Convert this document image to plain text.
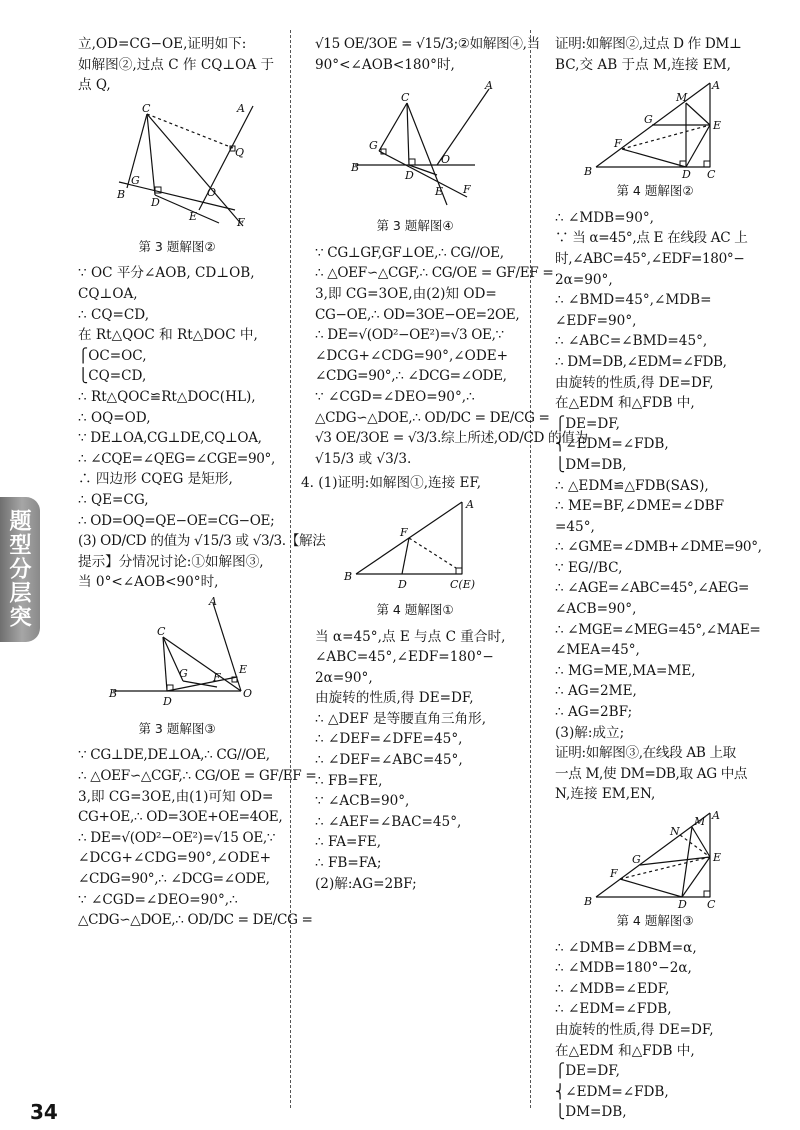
题型分层突
立,OD=CG−OE,证明如下:
如解图②,过点 C 作 CQ⊥OA 于
点 Q,
C	A
Q
G
O
B
D
E	F
第 3 题解图②
∵ OC 平分∠AOB, CD⊥OB,
CQ⊥OA,
∴ CQ=CD,
在 Rt△QOC 和 Rt△DOC 中,
⎧OC=OC,
⎩CQ=CD,
∴ Rt△QOC≌Rt△DOC(HL),
∴ OQ=OD,
∵ DE⊥OA,CG⊥DE,CQ⊥OA,
∴ ∠CQE=∠QEG=∠CGE=90°,
∴ 四边形 CQEG 是矩形,
∴ QE=CG,
∴ OD=OQ=QE−OE=CG−OE;
(3) OD/CD 的值为 √15/3 或 √3/3.【解法
提示】分情况讨论:①如解图③,
当 0°<∠AOB<90°时,
A
C
G	E
F
B
D
O
第 3 题解图③
∵ CG⊥DE,DE⊥OA,∴ CG//OE,
∴ △OEF∽△CGF,∴ CG/OE = GF/EF =
3,即 CG=3OE,由(1)可知 OD=
CG+OE,∴ OD=3OE+OE=4OE,
∴ DE=√(OD²−OE²)=√15 OE,∵
∠DCG+∠CDG=90°,∠ODE+
∠CDG=90°,∴ ∠DCG=∠ODE,
∵ ∠CGD=∠DEO=90°,∴
△CDG∽△DOE,∴ OD/DC = DE/CG =
√15 OE/3OE = √15/3;②如解图④,当
90°<∠AOB<180°时,
C
A
G
B
D
O
E F
第 3 题解图④
∵ CG⊥GF,GF⊥OE,∴ CG//OE,
∴ △OEF∽△CGF,∴ CG/OE = GF/EF =
3,即 CG=3OE,由(2)知 OD=
CG−OE,∴ OD=3OE−OE=2OE,
∴ DE=√(OD²−OE²)=√3 OE,∵
∠DCG+∠CDG=90°,∠ODE+
∠CDG=90°,∴ ∠DCG=∠ODE,
∵ ∠CGD=∠DEO=90°,∴
△CDG∽△DOE,∴ OD/DC = DE/CG =
√3 OE/3OE = √3/3.综上所述,OD/CD 的值为
√15/3 或 √3/3.
4. (1)证明:如解图①,连接 EF,
A
F
B
D	C(E)
第 4 题解图①
当 α=45°,点 E 与点 C 重合时,
∠ABC=45°,∠EDF=180°−
2α=90°,
由旋转的性质,得 DE=DF,
∴ △DEF 是等腰直角三角形,
∴ ∠DEF=∠DFE=45°,
∴ ∠DEF=∠ABC=45°,
∴ FB=FE,
∵ ∠ACB=90°,
∴ ∠AEF=∠BAC=45°,
∴ FA=FE,
∴ FB=FA;
(2)解:AG=2BF;
证明:如解图②,过点 D 作 DM⊥
BC,交 AB 于点 M,连接 EM,
A
M
G	E
F
B	D C
第 4 题解图②
∴ ∠MDB=90°,
∵ 当 α=45°,点 E 在线段 AC 上
时,∠ABC=45°,∠EDF=180°−
2α=90°,
∴ ∠BMD=45°,∠MDB=
∠EDF=90°,
∴ ∠ABC=∠BMD=45°,
∴ DM=DB,∠EDM=∠FDB,
由旋转的性质,得 DE=DF,
在△EDM 和△FDB 中,
⎧DE=DF,
⎨∠EDM=∠FDB,
⎩DM=DB,
∴ △EDM≌△FDB(SAS),
∴ ME=BF,∠DME=∠DBF
=45°,
∴ ∠GME=∠DMB+∠DME=90°,
∵ EG//BC,
∴ ∠AGE=∠ABC=45°,∠AEG=
∠ACB=90°,
∴ ∠MGE=∠MEG=45°,∠MAE=
∠MEA=45°,
∴ MG=ME,MA=ME,
∴ AG=2ME,
∴ AG=2BF;
(3)解:成立;
证明:如解图③,在线段 AB 上取
一点 M,使 DM=DB,取 AG 中点
N,连接 EM,EN,
A
M
N
G	E
F
B	D C
第 4 题解图③
∴ ∠DMB=∠DBM=α,
∴ ∠MDB=180°−2α,
∴ ∠MDB=∠EDF,
∴ ∠EDM=∠FDB,
由旋转的性质,得 DE=DF,
在△EDM 和△FDB 中,
⎧DE=DF,
⎨∠EDM=∠FDB,
⎩DM=DB,
34
